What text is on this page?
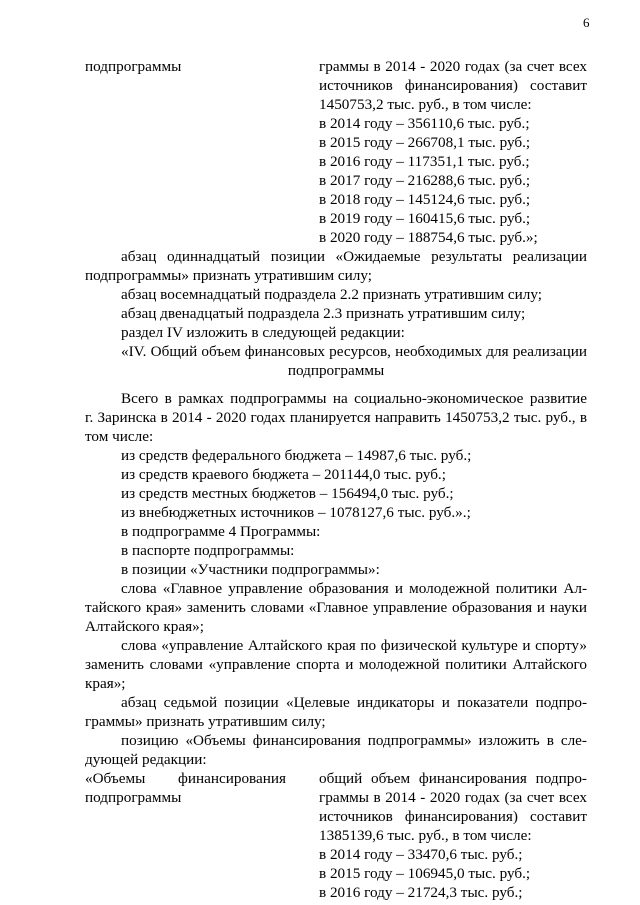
6
подпрограммы	граммы в 2014 - 2020 годах (за счет всех
источников финансирования) составит
1450753,2 тыс. руб., в том числе:
в 2014 году – 356110,6 тыс. руб.;
в 2015 году – 266708,1 тыс. руб.;
в 2016 году – 117351,1 тыс. руб.;
в 2017 году – 216288,6 тыс. руб.;
в 2018 году – 145124,6 тыс. руб.;
в 2019 году – 160415,6 тыс. руб.;
в 2020 году – 188754,6 тыс. руб.»;
абзац одиннадцатый позиции «Ожидаемые результаты реализации
подпрограммы» признать утратившим силу;
абзац восемнадцатый подраздела 2.2 признать утратившим силу;
абзац двенадцатый подраздела 2.3 признать утратившим силу;
раздел IV изложить в следующей редакции:
«IV. Общий объем финансовых ресурсов, необходимых для реализации
подпрограммы
Всего в рамках подпрограммы на социально-экономическое развитие
г. Заринска в 2014 - 2020 годах планируется направить 1450753,2 тыс. руб., в
том числе:
из средств федерального бюджета – 14987,6 тыс. руб.;
из средств краевого бюджета – 201144,0 тыс. руб.;
из средств местных бюджетов – 156494,0 тыс. руб.;
из внебюджетных источников – 1078127,6 тыс. руб.».;
в подпрограмме 4 Программы:
в паспорте подпрограммы:
в позиции «Участники подпрограммы»:
слова «Главное управление образования и молодежной политики Ал-
тайского края» заменить словами «Главное управление образования и науки
Алтайского края»;
слова «управление Алтайского края по физической культуре и спорту»
заменить словами «управление спорта и молодежной политики Алтайского
края»;
абзац седьмой позиции «Целевые индикаторы и показатели подпро-
граммы» признать утратившим силу;
позицию «Объемы финансирования подпрограммы» изложить в сле-
дующей редакции:
«Объемы финансирования
подпрограммы
общий объем финансирования подпро-
граммы в 2014 - 2020 годах (за счет всех
источников финансирования) составит
1385139,6 тыс. руб., в том числе:
в 2014 году – 33470,6 тыс. руб.;
в 2015 году – 106945,0 тыс. руб.;
в 2016 году – 21724,3 тыс. руб.;
